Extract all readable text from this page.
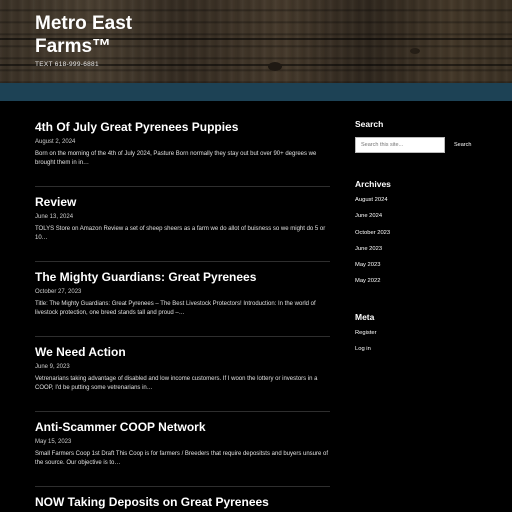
Metro East Farms™
TEXT 618-999-6881
4th Of July Great Pyrenees Puppies
August 2, 2024
Born on the morning of the 4th of July 2024, Pasture Born normally they stay out but over 90+ degrees we brought them in in…
Review
June 13, 2024
TOLYS Store on Amazon Review a set of sheep sheers as a farm we do allot of buisness so we might do 5 or 10…
The Mighty Guardians: Great Pyrenees
October 27, 2023
Title: The Mighty Guardians: Great Pyrenees – The Best Livestock Protectors! Introduction: In the world of livestock protection, one breed stands tall and proud –…
We Need Action
June 9, 2023
Vetrenarians taking advantage of disabled and low income customers. If I woon the lottery or investors in a COOP, I'd be putting some vetrenarians in…
Anti-Scammer COOP Network
May 15, 2023
Small Farmers Coop 1st Draft This Coop is for farmers / Breeders that require depositsts and buyers unsure of the source. Our objective is to…
NOW Taking Deposits on Great Pyrenees
Search
Search this site...
Search
Archives
August 2024
June 2024
October 2023
June 2023
May 2023
May 2022
Meta
Register
Log in
